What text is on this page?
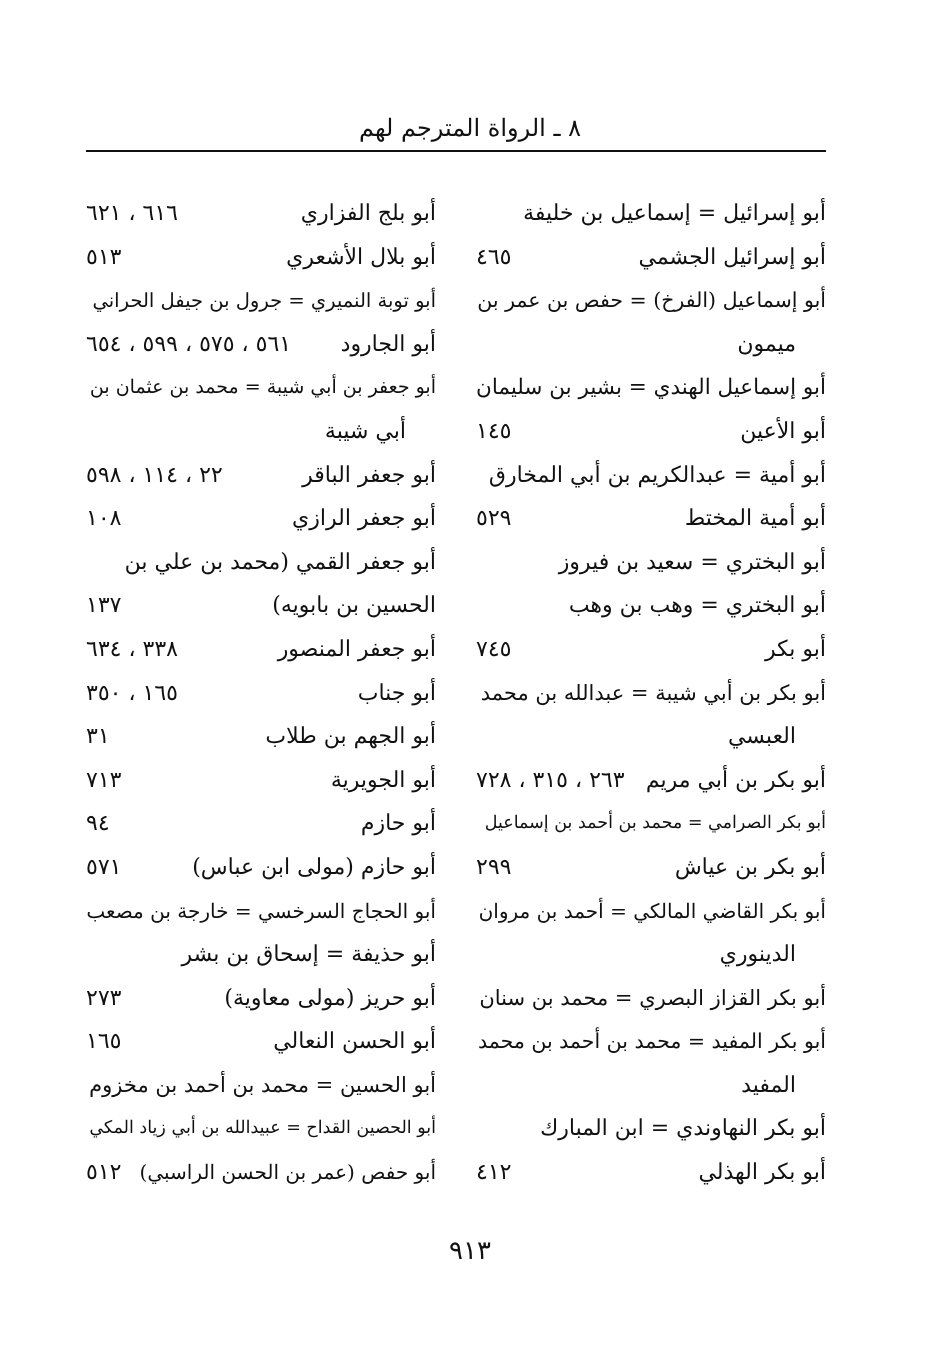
٨ ـ الرواة المترجم لهم
أبو إسرائيل = إسماعيل بن خليفة
أبو إسرائيل الجشمي
٤٦٥
أبو إسماعيل (الفرخ) = حفص بن عمر بن
ميمون
أبو إسماعيل الهندي = بشير بن سليمان
أبو الأعين
١٤٥
أبو أمية = عبدالكريم بن أبي المخارق
أبو أمية المختط
٥٢٩
أبو البختري = سعيد بن فيروز
أبو البختري = وهب بن وهب
أبو بكر
٧٤٥
أبو بكر بن أبي شيبة = عبدالله بن محمد
العبسي
أبو بكر بن أبي مريم
٢٦٣ ، ٣١٥ ، ٧٢٨
أبو بكر الصرامي = محمد بن أحمد بن إسماعيل
أبو بكر بن عياش
٢٩٩
أبو بكر القاضي المالكي = أحمد بن مروان
الدينوري
أبو بكر القزاز البصري = محمد بن سنان
أبو بكر المفيد = محمد بن أحمد بن محمد
المفيد
أبو بكر النهاوندي = ابن المبارك
أبو بكر الهذلي
٤١٢
أبو بلج الفزاري
٦١٦ ، ٦٢١
أبو بلال الأشعري
٥١٣
أبو توبة النميري = جرول بن جيفل الحراني
أبو الجارود
٥٦١ ، ٥٧٥ ، ٥٩٩ ، ٦٥٤
أبو جعفر بن أبي شيبة = محمد بن عثمان بن
أبي شيبة
أبو جعفر الباقر
٢٢ ، ١١٤ ، ٥٩٨
أبو جعفر الرازي
١٠٨
أبو جعفر القمي (محمد بن علي بن
الحسين بن بابويه)
١٣٧
أبو جعفر المنصور
٣٣٨ ، ٦٣٤
أبو جناب
١٦٥ ، ٣٥٠
أبو الجهم بن طلاب
٣١
أبو الجويرية
٧١٣
أبو حازم
٩٤
أبو حازم (مولى ابن عباس)
٥٧١
أبو الحجاج السرخسي = خارجة بن مصعب
أبو حذيفة = إسحاق بن بشر
أبو حريز (مولى معاوية)
٢٧٣
أبو الحسن النعالي
١٦٥
أبو الحسين = محمد بن أحمد بن مخزوم
أبو الحصين القداح = عبيدالله بن أبي زياد المكي
أبو حفص (عمر بن الحسن الراسبي)
٥١٢
٩١٣
